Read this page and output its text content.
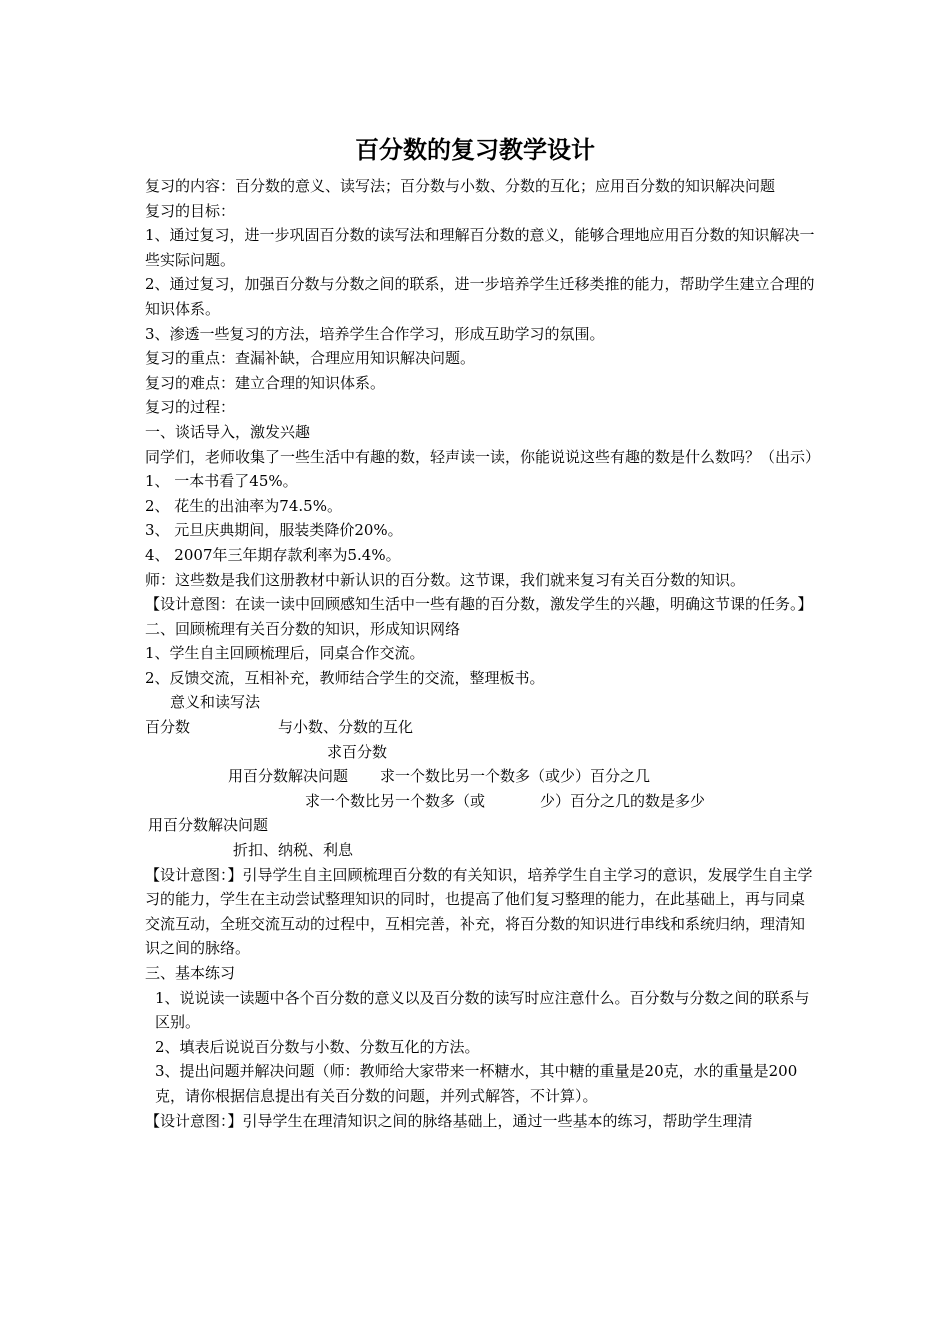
百分数的复习教学设计

复习的内容：百分数的意义、读写法；百分数与小数、分数的互化；应用百分数的知识解决问题

复习的目标：

1、通过复习，进一步巩固百分数的读写法和理解百分数的意义，能够合理地应用百分数的知识解决一些实际问题。

2、通过复习，加强百分数与分数之间的联系，进一步培养学生迁移类推的能力，帮助学生建立合理的知识体系。

3、渗透一些复习的方法，培养学生合作学习，形成互助学习的氛围。

复习的重点：查漏补缺，合理应用知识解决问题。

复习的难点：建立合理的知识体系。

复习的过程：

一、谈话导入，激发兴趣

同学们，老师收集了一些生活中有趣的数，轻声读一读，你能说说这些有趣的数是什么数吗？（出示）

1、 一本书看了45%。

2、 花生的出油率为74.5%。

3、 元旦庆典期间，服装类降价20%。

4、 2007年三年期存款利率为5.4%。

师：这些数是我们这册教材中新认识的百分数。这节课，我们就来复习有关百分数的知识。

【设计意图：在读一读中回顾感知生活中一些有趣的百分数，激发学生的兴趣，明确这节课的任务。】

二、回顾梳理有关百分数的知识，形成知识网络

1、学生自主回顾梳理后，同桌合作交流。

2、反馈交流，互相补充，教师结合学生的交流，整理板书。

意义和读写法
百分数	与小数、分数的互化
求百分数
用百分数解决问题 求一个数比另一个数多（或少）百分之几
求一个数比另一个数多（或	少）百分之几的数是多少
用百分数解决问题
折扣、纳税、利息

【设计意图：】引导学生自主回顾梳理百分数的有关知识，培养学生自主学习的意识，发展学生自主学习的能力，学生在主动尝试整理知识的同时，也提高了他们复习整理的能力，在此基础上，再与同桌交流互动，全班交流互动的过程中，互相完善，补充，将百分数的知识进行串线和系统归纳，理清知识之间的脉络。

三、基本练习

1、说说读一读题中各个百分数的意义以及百分数的读写时应注意什么。百分数与分数之间的联系与区别。

2、填表后说说百分数与小数、分数互化的方法。

3、提出问题并解决问题（师：教师给大家带来一杯糖水，其中糖的重量是20克，水的重量是200克，请你根据信息提出有关百分数的问题，并列式解答，不计算）。

【设计意图：】引导学生在理清知识之间的脉络基础上，通过一些基本的练习，帮助学生理清
